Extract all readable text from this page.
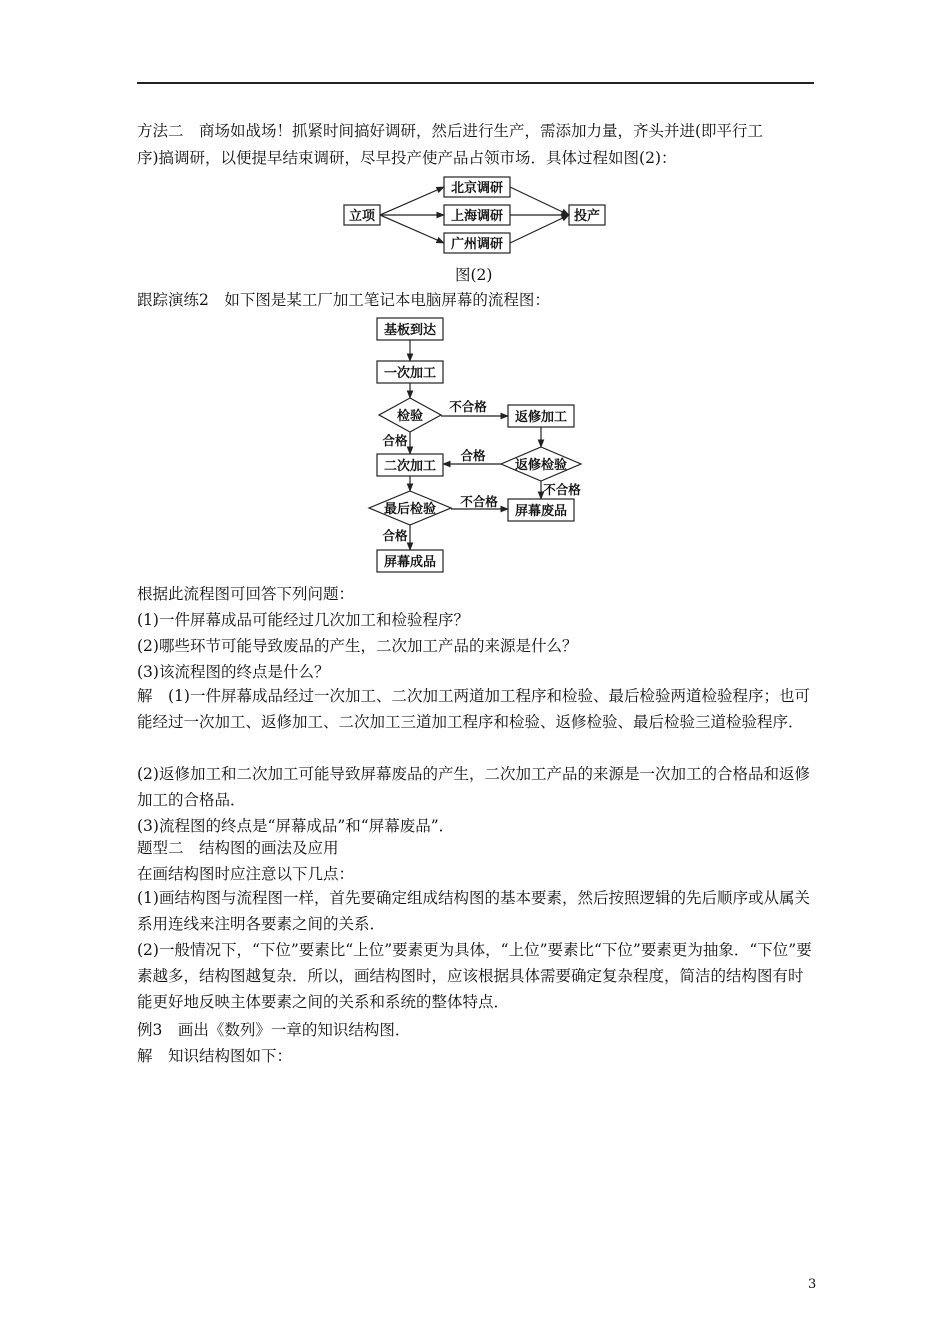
方法二　商场如战场！抓紧时间搞好调研，然后进行生产，需添加力量，齐头并进(即平行工
序)搞调研，以便提早结束调研，尽早投产使产品占领市场．具体过程如图(2)：
立项
北京调研
上海调研
广州调研
投产
图(2)
跟踪演练2　如下图是某工厂加工笔记本电脑屏幕的流程图：
基板到达
一次加工
检验	返修加工
返修检验
二次加工
最后检验	屏幕废品
屏幕成品
不合格
合格
合格
不合格
不合格
合格
根据此流程图可回答下列问题：
(1)一件屏幕成品可能经过几次加工和检验程序？
(2)哪些环节可能导致废品的产生，二次加工产品的来源是什么？
(3)该流程图的终点是什么？
解　(1)一件屏幕成品经过一次加工、二次加工两道加工程序和检验、最后检验两道检验程序；也可能经过一次加工、返修加工、二次加工三道加工程序和检验、返修检验、最后检验三道检验程序．
(2)返修加工和二次加工可能导致屏幕废品的产生，二次加工产品的来源是一次加工的合格品和返修加工的合格品．
(3)流程图的终点是“屏幕成品”和“屏幕废品”．
题型二　结构图的画法及应用
在画结构图时应注意以下几点：
(1)画结构图与流程图一样，首先要确定组成结构图的基本要素，然后按照逻辑的先后顺序或从属关系用连线来注明各要素之间的关系．
(2)一般情况下，“下位”要素比“上位”要素更为具体，“上位”要素比“下位”要素更为抽象．“下位”要素越多，结构图越复杂．所以，画结构图时，应该根据具体需要确定复杂程度，简洁的结构图有时能更好地反映主体要素之间的关系和系统的整体特点．
例3　画出《数列》一章的知识结构图．
解　知识结构图如下：
3
